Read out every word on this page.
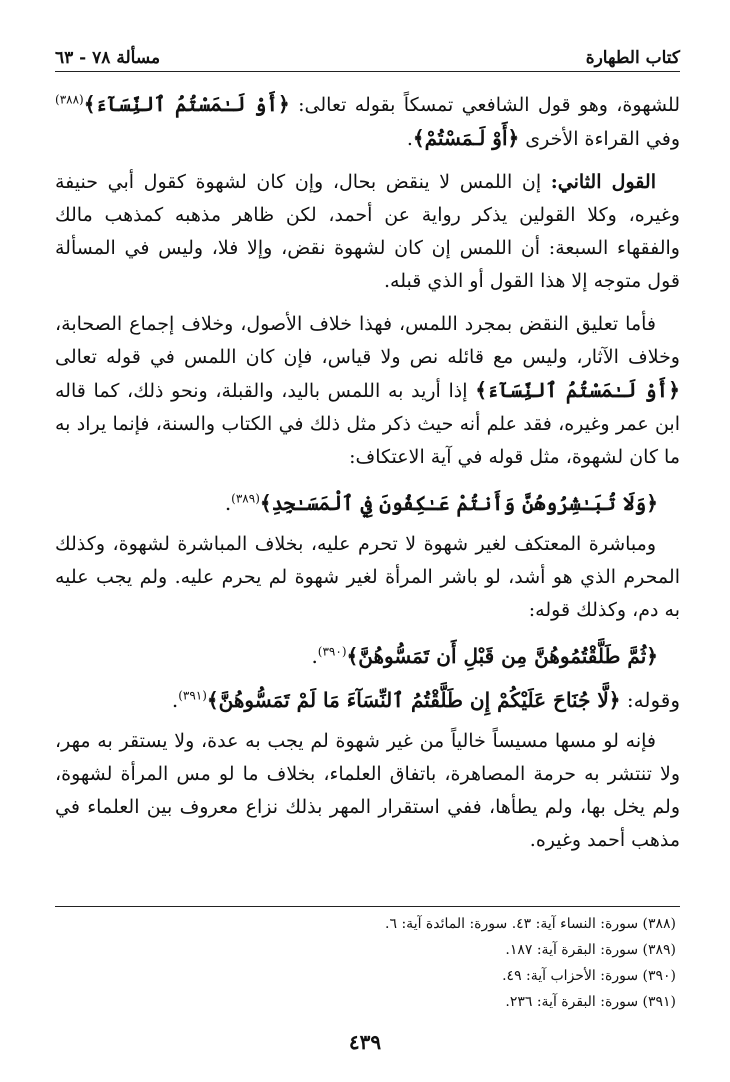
كتاب الطهارة
مسألة ٧٨ - ٦٣

للشهوة، وهو قول الشافعي تمسكاً بقوله تعالى: ﴿أَوْ لَـٰمَسْتُمُ ٱلنِّسَآءَ﴾$^{(٣٨٨)}$ وفي القراءة الأخرى ﴿أَوْ لَـمَسْتُمْ﴾.

القول الثاني: إن اللمس لا ينقض بحال، وإن كان لشهوة كقول أبي حنيفة وغيره، وكلا القولين يذكر رواية عن أحمد، لكن ظاهر مذهبه كمذهب مالك والفقهاء السبعة: أن اللمس إن كان لشهوة نقض، وإلا فلا، وليس في المسألة قول متوجه إلا هذا القول أو الذي قبله.

فأما تعليق النقض بمجرد اللمس، فهذا خلاف الأصول، وخلاف إجماع الصحابة، وخلاف الآثار، وليس مع قائله نص ولا قياس، فإن كان اللمس في قوله تعالى ﴿أَوْ لَـٰمَسْتُمُ ٱلنِّسَآءَ﴾ إذا أريد به اللمس باليد، والقبلة، ونحو ذلك، كما قاله ابن عمر وغيره، فقد علم أنه حيث ذكر مثل ذلك في الكتاب والسنة، فإنما يراد به ما كان لشهوة، مثل قوله في آية الاعتكاف:

﴿وَلَا تُبَـٰشِرُوهُنَّ وَأَنتُمْ عَـٰكِفُونَ فِي ٱلْمَسَـٰجِدِ﴾$^{(٣٨٩)}$.

ومباشرة المعتكف لغير شهوة لا تحرم عليه، بخلاف المباشرة لشهوة، وكذلك المحرم الذي هو أشد، لو باشر المرأة لغير شهوة لم يحرم عليه. ولم يجب عليه به دم، وكذلك قوله:

﴿ثُمَّ طَلَّقْتُمُوهُنَّ مِن قَبْلِ أَن تَمَسُّوهُنَّ﴾$^{(٣٩٠)}$.

وقوله: ﴿لَّا جُنَاحَ عَلَيْكُمْ إِن طَلَّقْتُمُ ٱلنِّسَآءَ مَا لَمْ تَمَسُّوهُنَّ﴾$^{(٣٩١)}$.

فإنه لو مسها مسيساً خالياً من غير شهوة لم يجب به عدة، ولا يستقر به مهر، ولا تنتشر به حرمة المصاهرة، باتفاق العلماء، بخلاف ما لو مس المرأة لشهوة، ولم يخل بها، ولم يطأها، ففي استقرار المهر بذلك نزاع معروف بين العلماء في مذهب أحمد وغيره.

(٣٨٨) سورة: النساء آية: ٤٣. سورة: المائدة آية: ٦.

(٣٨٩) سورة: البقرة آية: ١٨٧.

(٣٩٠) سورة: الأحزاب آية: ٤٩.

(٣٩١) سورة: البقرة آية: ٢٣٦.

٤٣٩
